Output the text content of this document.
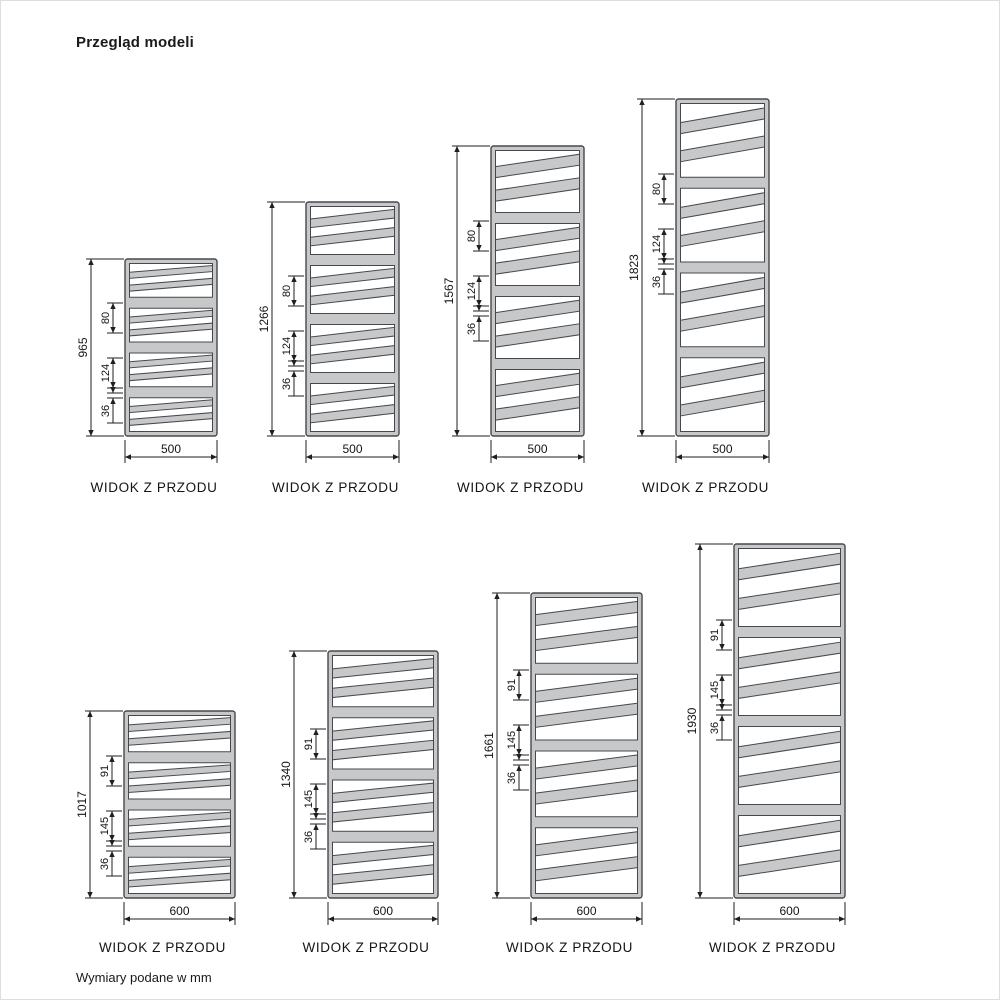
Przegląd modeli
965
500
80
124
36
WIDOK Z PRZODU
1266
500
80
124
36
WIDOK Z PRZODU
1567
500
80
124
36
WIDOK Z PRZODU
1823
500
80
124
36
WIDOK Z PRZODU
1017
600
91
145
36
WIDOK Z PRZODU
1340
600
91
145
36
WIDOK Z PRZODU
1661
600
91
145
36
WIDOK Z PRZODU
1930
600
91
145
36
WIDOK Z PRZODU
Wymiary podane w mm
